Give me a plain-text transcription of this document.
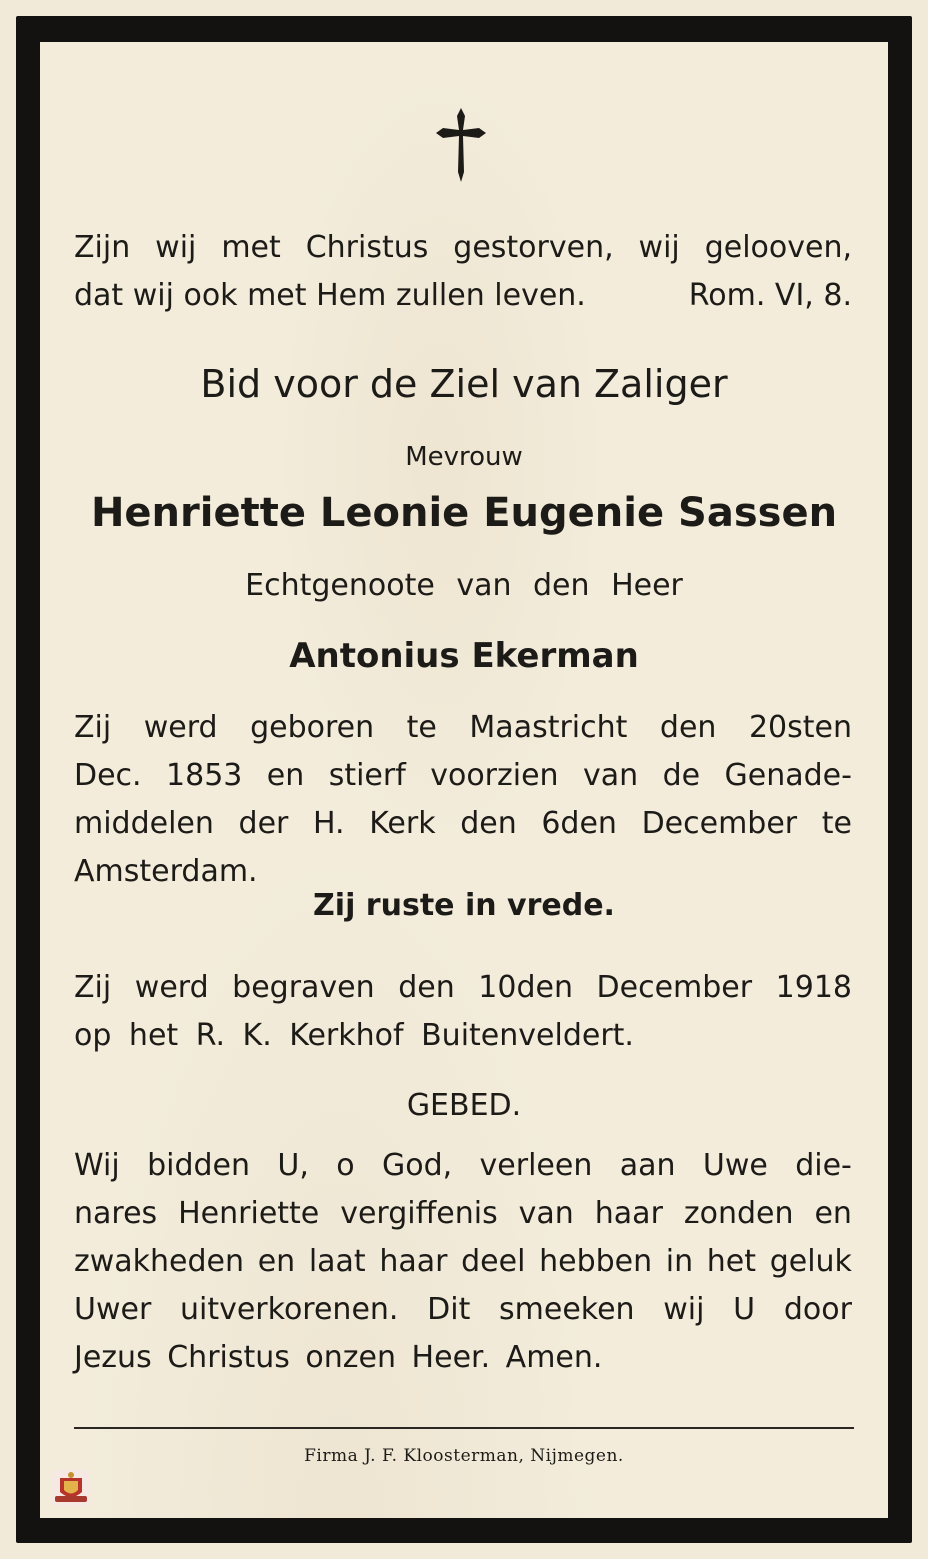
Zijn wij met Christus gestorven, wij gelooven,
dat wij ook met Hem zullen leven.	Rom. VI, 8.
Bid voor de Ziel van Zaliger
Mevrouw
Henriette Leonie Eugenie Sassen
Echtgenoote van den Heer
Antonius Ekerman
Zij werd geboren te Maastricht den 20sten
Dec. 1853 en stierf voorzien van de Genade-
middelen der H. Kerk den 6den December te
Amsterdam.
Zij ruste in vrede.
Zij werd begraven den 10den December 1918
op het R. K. Kerkhof Buitenveldert.
GEBED.
Wij bidden U, o God, verleen aan Uwe die-
nares Henriette vergiffenis van haar zonden en
zwakheden en laat haar deel hebben in het geluk
Uwer uitverkorenen. Dit smeeken wij U door
Jezus Christus onzen Heer. Amen.
Firma J. F. Kloosterman, Nijmegen.
